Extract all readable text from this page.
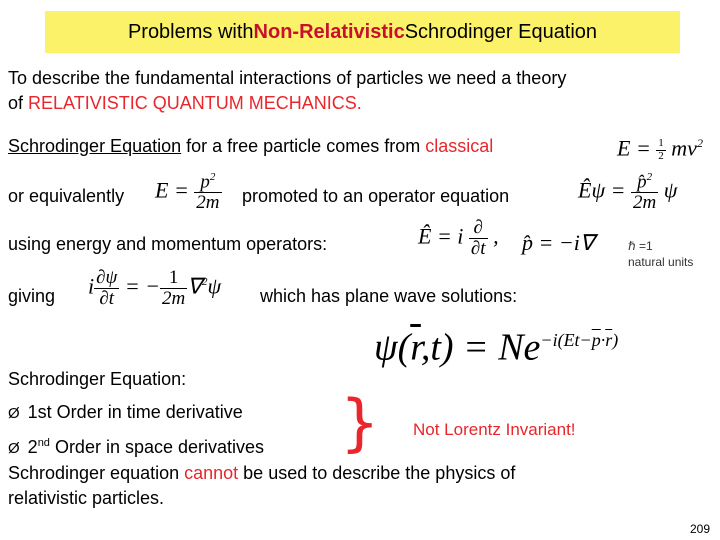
Problems with Non-Relativistic Schrodinger Equation
To describe the fundamental interactions of particles we need a theory
of RELATIVISTIC QUANTUM MECHANICS.
Schrodinger Equation for a free particle comes from classical	$E = \frac{1}{2} mv^2$
or equivalently $E = \frac{p^2}{2m}$ promoted to an operator equation	Êψ = $\frac{p̂^2}{2m}$ ψ
using energy and momentum operators:	Ê = i $\frac{\partial}{\partial t}$ , p̂ = −i∇	ℏ =1
natural units
giving i $\frac{\partial\psi}{\partial t}$ = − $\frac{1}{2m} \nabla^2\psi$ which has plane wave solutions:
$\psi(\overline{r},t) = Ne^{-i(Et-\overline{p}\cdot\overline{r})}$
Schrodinger Equation:
Ø 1st Order in time derivative
Ø 2nd Order in space derivatives } Not Lorentz Invariant!
Schrodinger equation cannot be used to describe the physics of
relativistic particles.
209
